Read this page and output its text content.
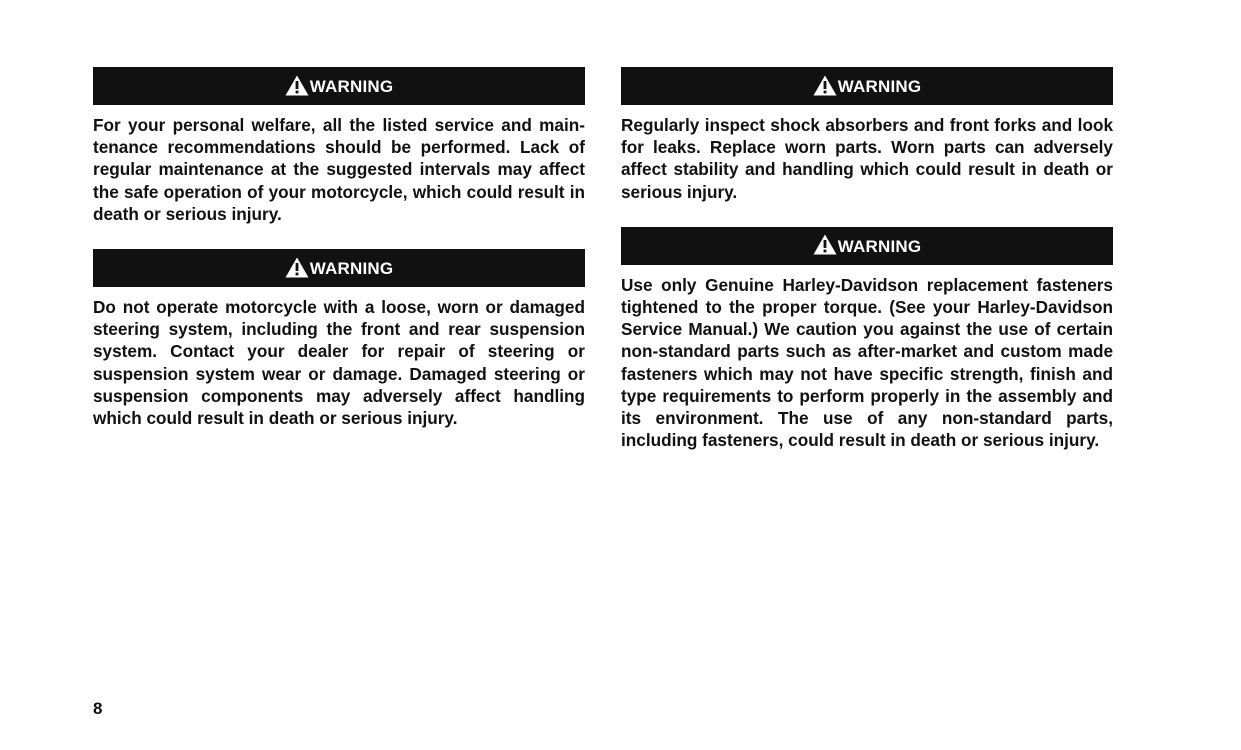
WARNING

For your personal welfare, all the listed service and maintenance recommendations should be performed. Lack of regular maintenance at the suggested intervals may affect the safe operation of your motorcycle, which could result in death or serious injury.

WARNING

Do not operate motorcycle with a loose, worn or damaged steering system, including the front and rear suspension system. Contact your dealer for repair of steering or suspension system wear or damage. Damaged steering or suspension components may adversely affect handling which could result in death or serious injury.

WARNING

Regularly inspect shock absorbers and front forks and look for leaks. Replace worn parts. Worn parts can adversely affect stability and handling which could result in death or serious injury.

WARNING

Use only Genuine Harley-Davidson replacement fasteners tightened to the proper torque. (See your Harley-Davidson Service Manual.) We caution you against the use of certain non-standard parts such as after-market and custom made fasteners which may not have specific strength, finish and type requirements to perform properly in the assembly and its environment. The use of any non-standard parts, including fasteners, could result in death or serious injury.

8
